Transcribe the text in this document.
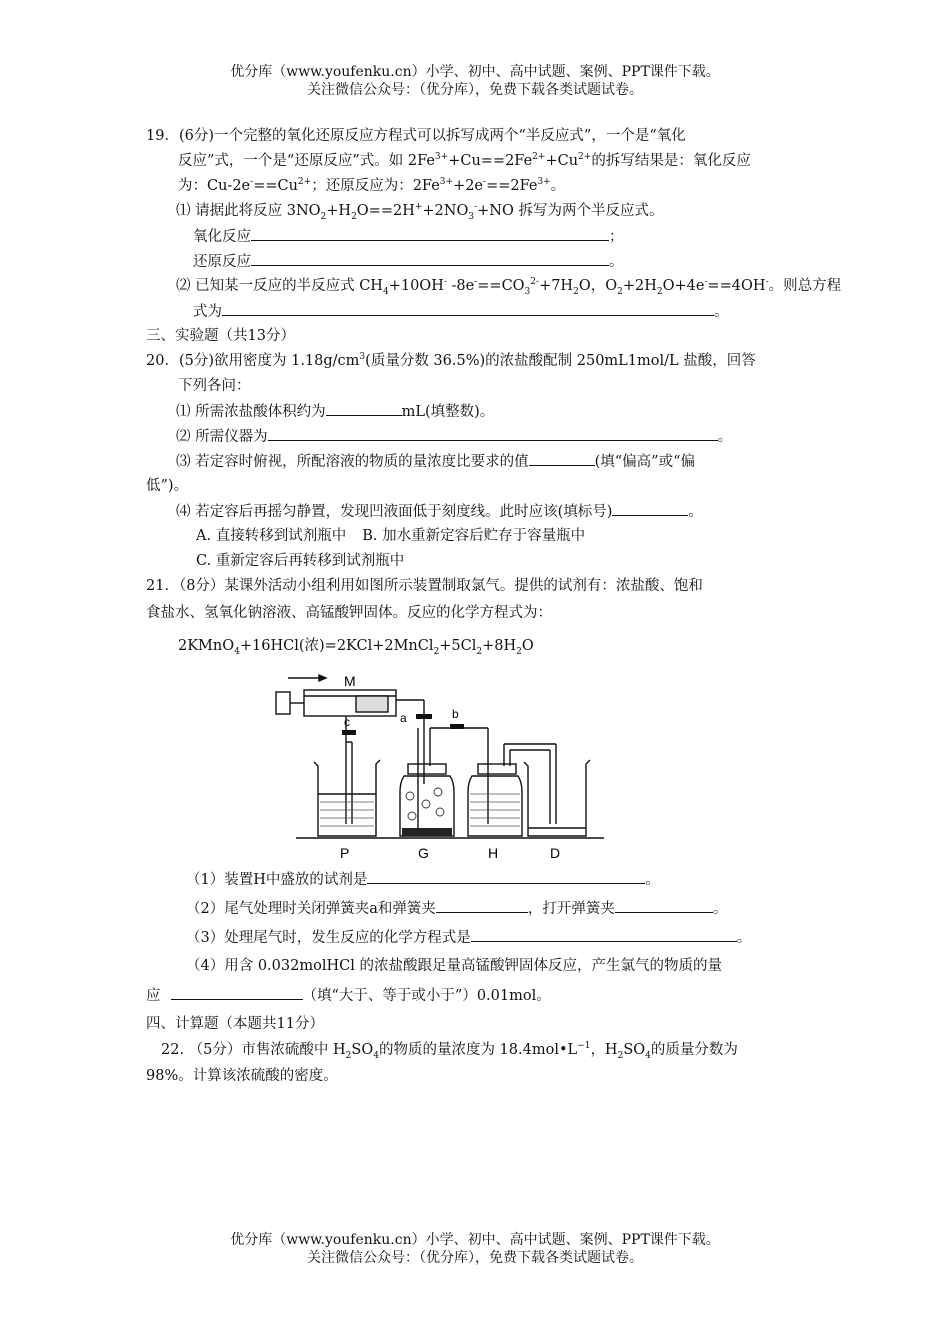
优分库（www.youfenku.cn）小学、初中、高中试题、案例、PPT课件下载。
关注微信公众号：（优分库），免费下载各类试题试卷。
19．(6分)一个完整的氧化还原反应方程式可以拆写成两个“半反应式”，一个是“氧化
反应”式，一个是“还原反应”式。如 $2Fe^{3+}+Cu==2Fe^{2+}+Cu^{2+}$的拆写结果是：氧化反应
为：$Cu-2e^-==Cu^{2+}$；还原反应为：$2Fe^{3+}+2e^-==2Fe^{3+}$。
⑴ 请据此将反应 $3NO_2+H_2O==2H^++2NO_3^-+NO$ 拆写为两个半反应式。
氧化反应	；
还原反应	。
⑵ 已知某一反应的半反应式 $CH_4+10OH^-$ $-8e^-==CO_3^{2-}+7H_2O$，$O_2+2H_2O+4e^-==4OH^-$。则总方程
式为	。
三、实验题（共13分）
20．(5分)欲用密度为 $1.18g/cm^3$(质量分数 36.5%)的浓盐酸配制 250mL1mol/L 盐酸，回答
下列各问：
⑴ 所需浓盐酸体积约为	mL(填整数)。
⑵ 所需仪器为	。
⑶ 若定容时俯视，所配溶液的物质的量浓度比要求的值	(填“偏高”或“偏
低”)。
⑷ 若定容后再摇匀静置，发现凹液面低于刻度线。此时应该(填标号)	。
A. 直接转移到试剂瓶中 B. 加水重新定容后贮存于容量瓶中
C. 重新定容后再转移到试剂瓶中
21．（8分）某课外活动小组利用如图所示装置制取氯气。提供的试剂有：浓盐酸、饱和
食盐水、氢氧化钠溶液、高锰酸钾固体。反应的化学方程式为：
2KMnO$_4$+16HCl(浓)$=2KCl+2MnCl_2+5Cl_2+8H_2O$
M
a	b
c
P	G	H	D
（1）装置H中盛放的试剂是	。
（2）尾气处理时关闭弹簧夹a和弹簧夹	，打开弹簧夹	。
（3）处理尾气时，发生反应的化学方程式是	。
（4）用含 0.032molHCl 的浓盐酸跟足量高锰酸钾固体反应，产生氯气的物质的量
应	（填“大于、等于或小于”）0.01mol。
四、计算题（本题共11分）
22. （5分）市售浓硫酸中 $H_2SO_4$的物质的量浓度为 $18.4mol•L^{-1}$，$H_2SO_4$的质量分数为
98%。计算该浓硫酸的密度。
优分库（www.youfenku.cn）小学、初中、高中试题、案例、PPT课件下载。
关注微信公众号：（优分库），免费下载各类试题试卷。
